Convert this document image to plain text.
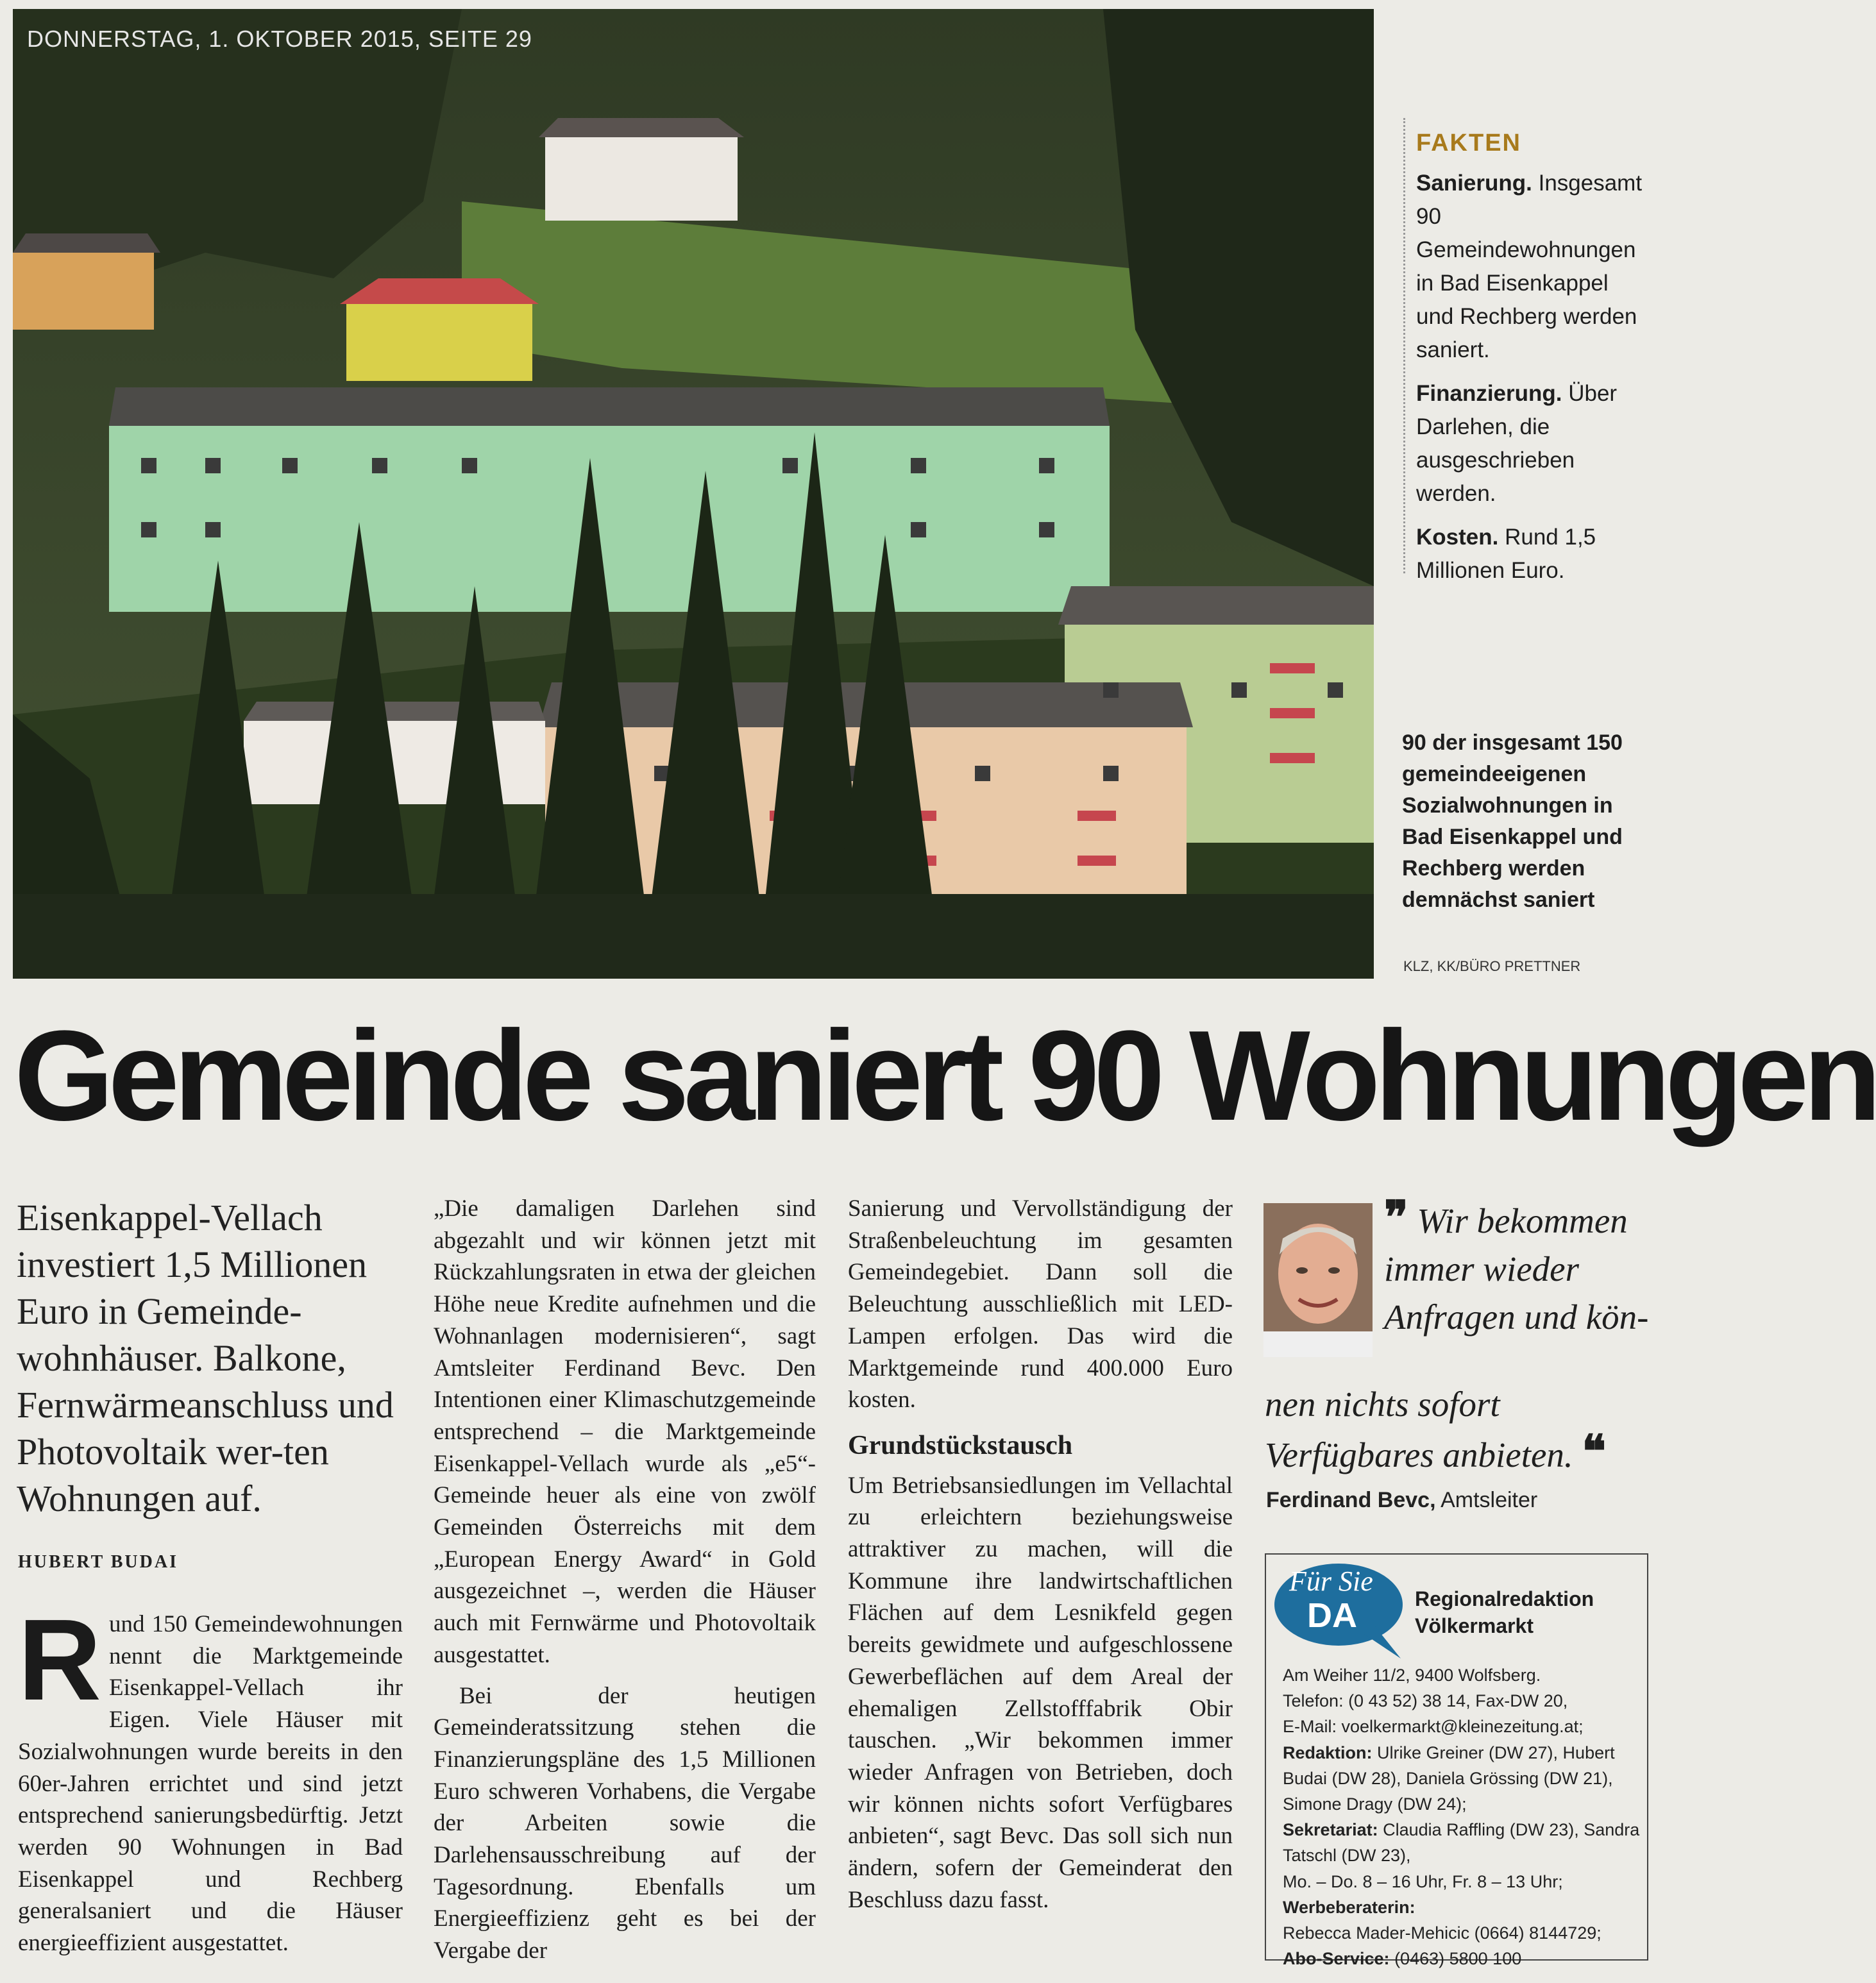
DONNERSTAG, 1. OKTOBER 2015, SEITE 29
FAKTEN

Sanierung. Insgesamt 90 Gemeindewohnungen in Bad Eisenkappel und Rechberg werden saniert.

Finanzierung. Über Darlehen, die ausgeschrieben werden.

Kosten. Rund 1,5 Millionen Euro.

90 der insgesamt 150 gemeindeeigenen Sozialwohnungen in Bad Eisenkappel und Rechberg werden demnächst saniert
KLZ, KK/BÜRO PRETTNER
Gemeinde saniert 90 Wohnungen
Eisenkappel-Vellach investiert 1,5 Millionen Euro in Gemeinde-wohnhäuser. Balkone, Fernwärmeanschluss und Photovoltaik wer-ten Wohnungen auf.
HUBERT BUDAI

Rund 150 Gemeindewohnungen nennt die Marktgemeinde Eisenkappel-Vellach ihr Eigen. Viele Häuser mit Sozialwohnungen wurde bereits in den 60er-Jahren errichtet und sind jetzt entsprechend sanierungsbedürftig. Jetzt werden 90 Wohnungen in Bad Eisenkappel und Rechberg generalsaniert und die Häuser energieeffizient ausgestattet.

„Die damaligen Darlehen sind abgezahlt und wir können jetzt mit Rückzahlungsraten in etwa der gleichen Höhe neue Kredite aufnehmen und die Wohnanlagen modernisieren“, sagt Amtsleiter Ferdinand Bevc. Den Intentionen einer Klimaschutzgemeinde entsprechend – die Marktgemeinde Eisenkappel-Vellach wurde als „e5“-Gemeinde heuer als eine von zwölf Gemeinden Österreichs mit dem „European Energy Award“ in Gold ausgezeichnet –, werden die Häuser auch mit Fernwärme und Photovoltaik ausgestattet.

Bei der heutigen Gemeinderatssitzung stehen die Finanzierungspläne des 1,5 Millionen Euro schweren Vorhabens, die Vergabe der Arbeiten sowie die Darlehensausschreibung auf der Tagesordnung. Ebenfalls um Energieeffizienz geht es bei der Vergabe der

Sanierung und Vervollständigung der Straßenbeleuchtung im gesamten Gemeindegebiet. Dann soll die Beleuchtung ausschließlich mit LED-Lampen erfolgen. Das wird die Marktgemeinde rund 400.000 Euro kosten.

Grundstückstausch

Um Betriebsansiedlungen im Vellachtal zu erleichtern beziehungsweise attraktiver zu machen, will die Kommune ihre landwirtschaftlichen Flächen auf dem Lesnikfeld gegen bereits gewidmete und aufgeschlossene Gewerbeflächen auf dem Areal der ehemaligen Zellstofffabrik Obir tauschen. „Wir bekommen immer wieder Anfragen von Betrieben, doch wir können nichts sofort Verfügbares anbieten“, sagt Bevc. Das soll sich nun ändern, sofern der Gemeinderat den Beschluss dazu fasst.

❞ Wir bekommen immer wieder Anfragen und kön-
nen nichts sofort Verfügbares anbieten. ❝
Ferdinand Bevc, Amtsleiter
Für Sie
DA	Regionalredaktion
Völkermarkt
Am Weiher 11/2, 9400 Wolfsberg.
Telefon: (0 43 52) 38 14, Fax-DW 20,
E-Mail: voelkermarkt@kleinezeitung.at;
Redaktion: Ulrike Greiner (DW 27), Hubert Budai (DW 28), Daniela Grössing (DW 21), Simone Dragy (DW 24);
Sekretariat: Claudia Raffling (DW 23), Sandra Tatschl (DW 23),
Mo. – Do. 8 – 16 Uhr, Fr. 8 – 13 Uhr;
Werbeberaterin:
Rebecca Mader-Mehicic (0664) 8144729;
Abo-Service: (0463) 5800 100
